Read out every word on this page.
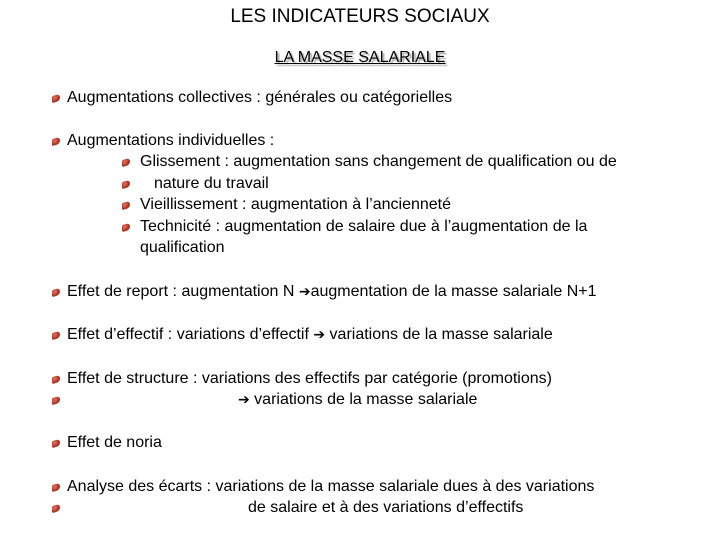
LES INDICATEURS SOCIAUX
LA MASSE SALARIALE
Augmentations collectives : générales ou catégorielles
Augmentations individuelles :
Glissement : augmentation sans changement de qualification ou de
nature du travail
Vieillissement : augmentation à l’ancienneté
Technicité : augmentation de salaire due à l’augmentation de la
qualification
Effet de report : augmentation N ➔augmentation de la masse salariale N+1
Effet d’effectif : variations d’effectif ➔ variations de la masse salariale
Effet de structure : variations des effectifs par catégorie (promotions)
➔ variations de la masse salariale
Effet de noria
Analyse des écarts : variations de la masse salariale dues à des variations
de salaire et à des variations d’effectifs
